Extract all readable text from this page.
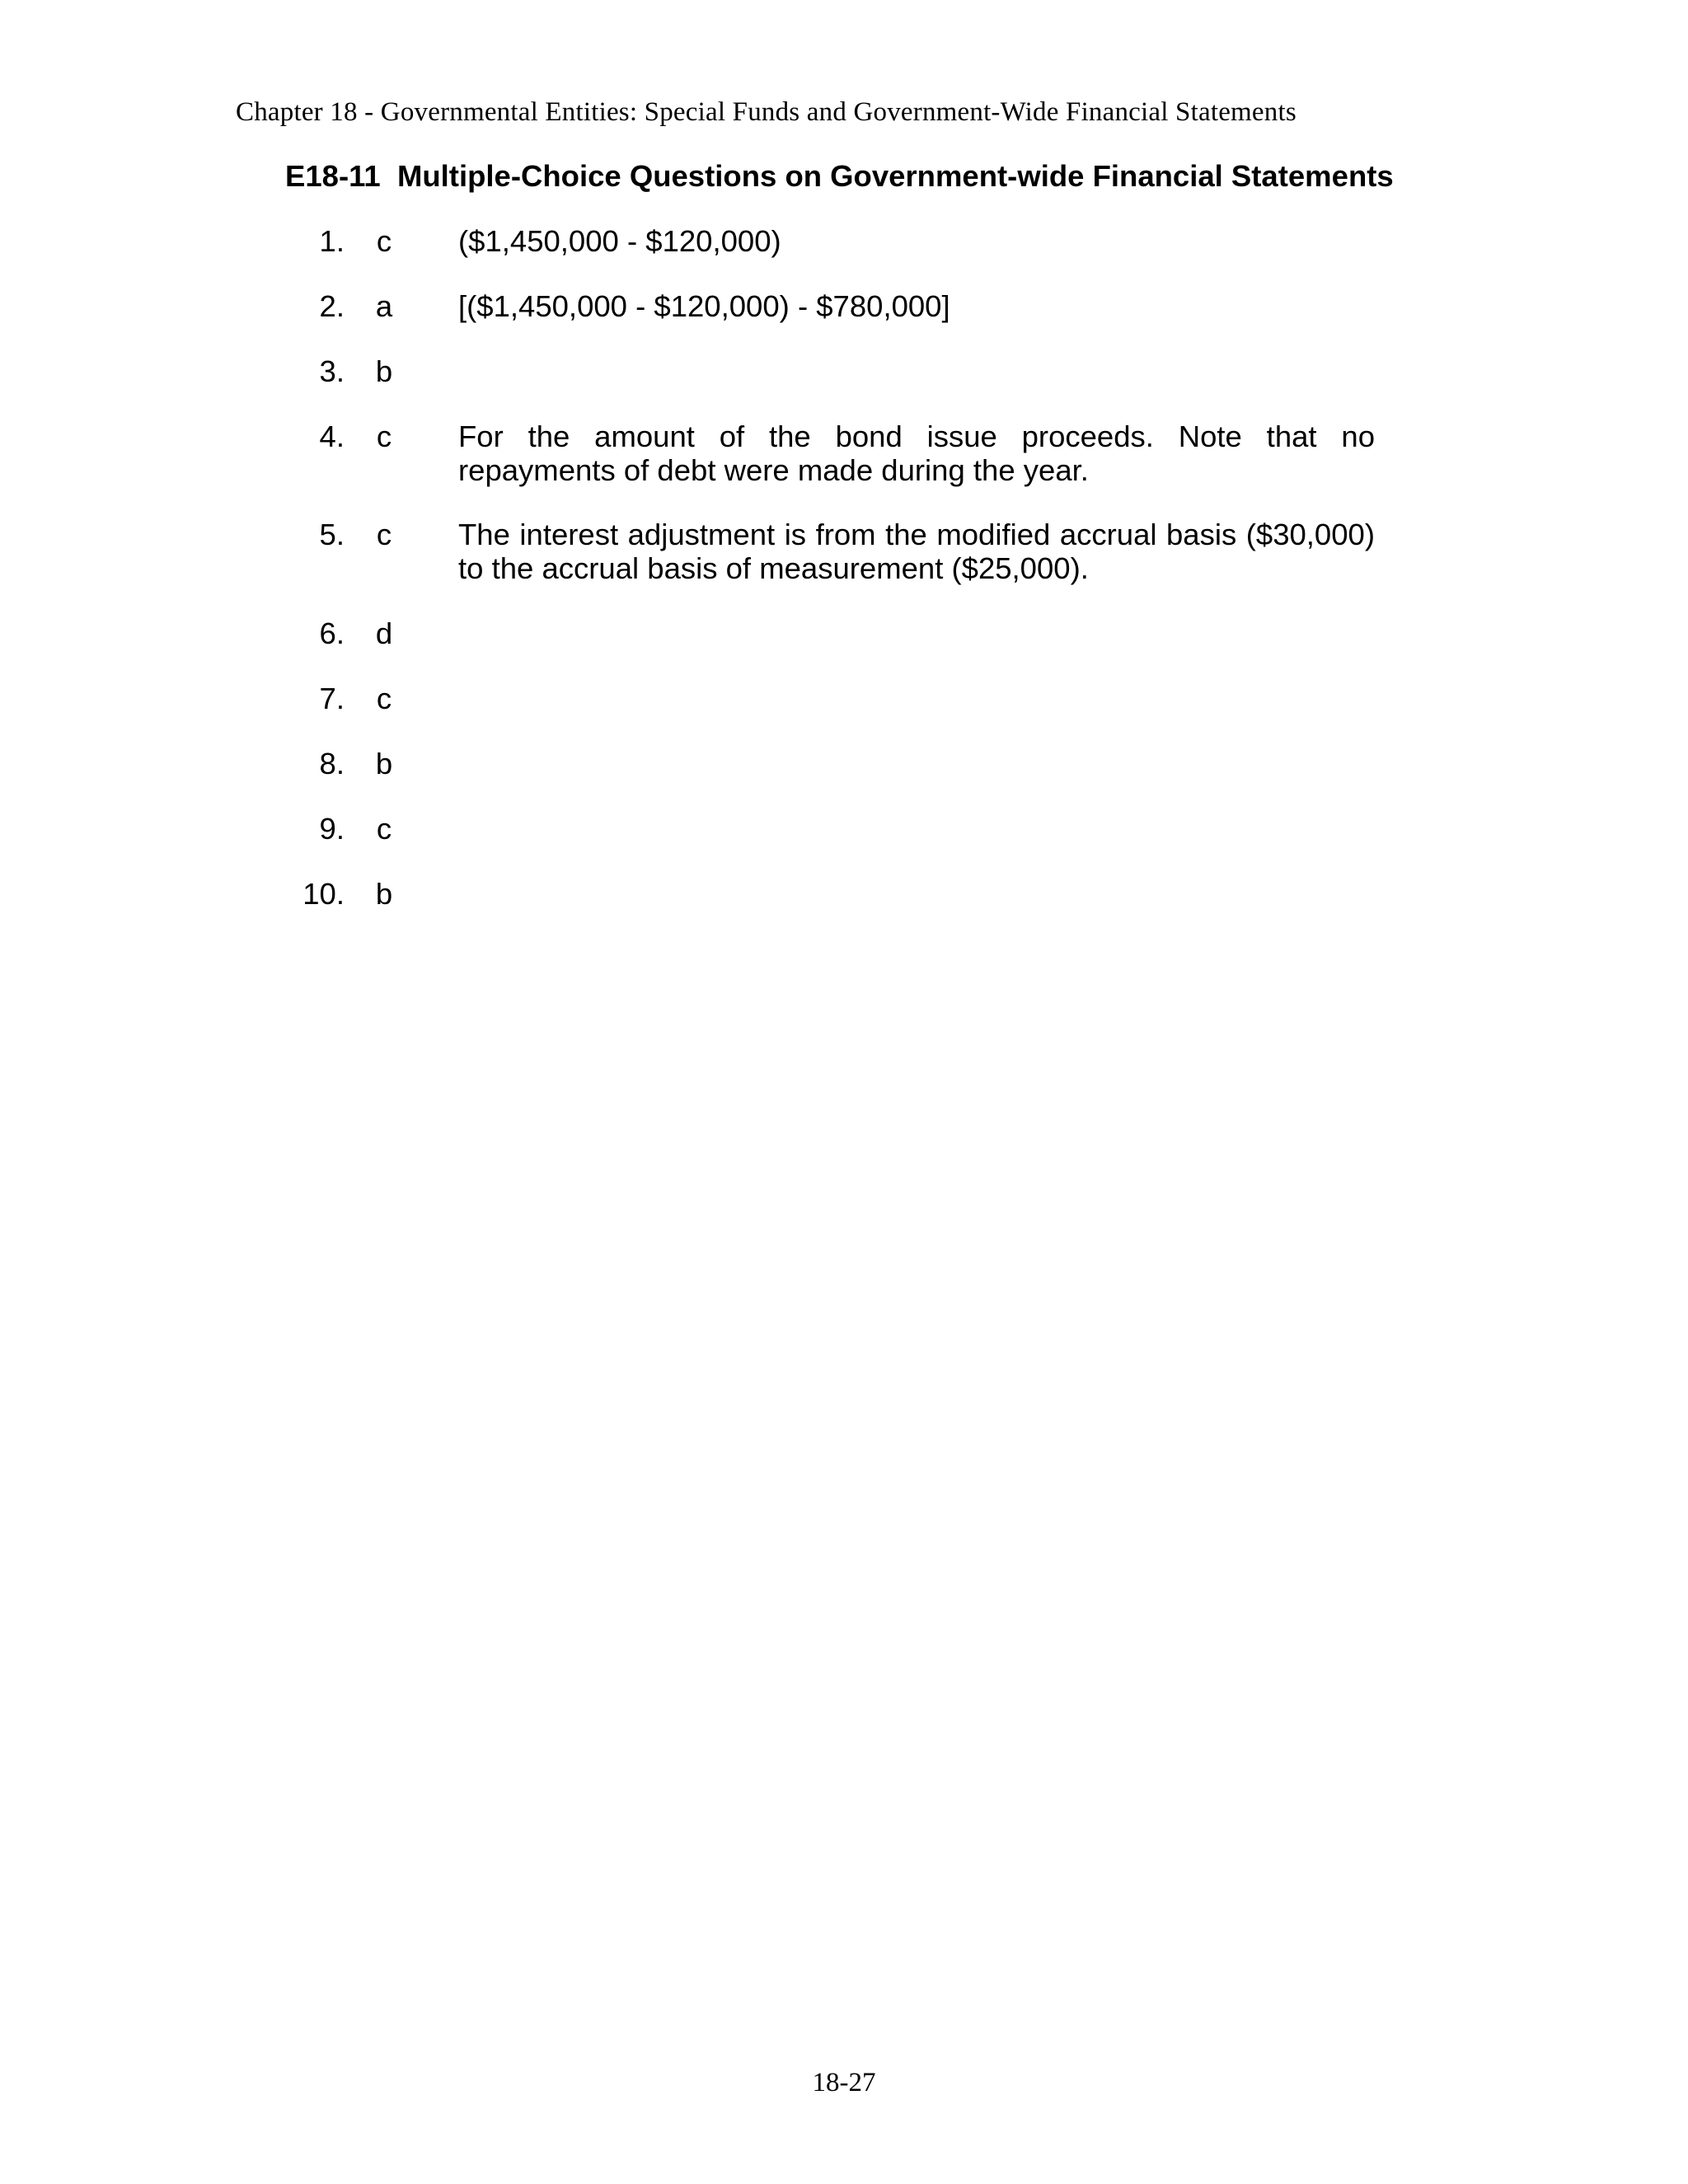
Chapter 18 - Governmental Entities: Special Funds and Government-Wide Financial Statements
E18-11  Multiple-Choice Questions on Government-wide Financial Statements
1. c ($1,450,000 - $120,000)
2. a [($1,450,000 - $120,000) - $780,000]
3. b
4. c For the amount of the bond issue proceeds. Note that no repayments of debt were made during the year.
5. c The interest adjustment is from the modified accrual basis ($30,000) to the accrual basis of measurement ($25,000).
6. d
7. c
8. b
9. c
10. b
18-27
